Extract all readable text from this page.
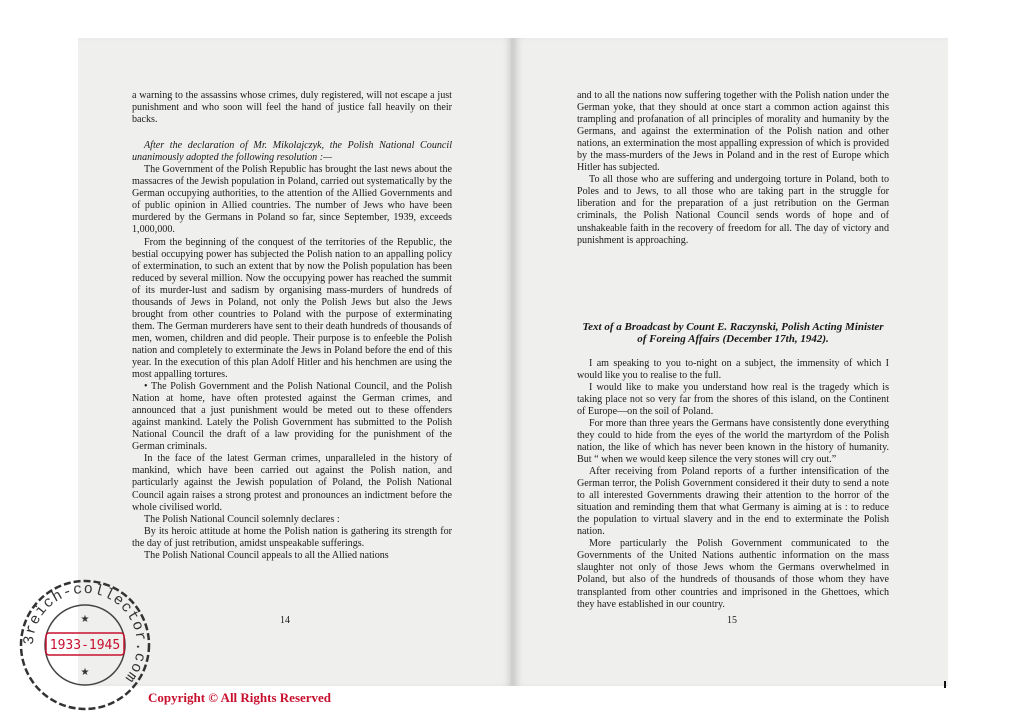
a warning to the assassins whose crimes, duly registered, will not escape a just punishment and who soon will feel the hand of justice fall heavily on their backs.

After the declaration of Mr. Mikolajczyk, the Polish National Council unanimously adopted the following resolution :—

The Government of the Polish Republic has brought the last news about the massacres of the Jewish population in Poland, carried out systematically by the German occupying authorities, to the attention of the Allied Governments and of public opinion in Allied countries. The number of Jews who have been murdered by the Germans in Poland so far, since September, 1939, exceeds 1,000,000.

From the beginning of the conquest of the territories of the Republic, the bestial occupying power has subjected the Polish nation to an appalling policy of extermination, to such an extent that by now the Polish population has been reduced by several million. Now the occupying power has reached the summit of its murder-lust and sadism by organising mass-murders of hundreds of thousands of Jews in Poland, not only the Polish Jews but also the Jews brought from other countries to Poland with the purpose of exterminating them. The German murderers have sent to their death hundreds of thousands of men, women, children and did people. Their purpose is to enfeeble the Polish nation and completely to exterminate the Jews in Poland before the end of this year. In the execution of this plan Adolf Hitler and his henchmen are using the most appalling tortures.

• The Polish Government and the Polish National Council, and the Polish Nation at home, have often protested against the German crimes, and announced that a just punishment would be meted out to these offenders against mankind. Lately the Polish Government has submitted to the Polish National Council the draft of a law providing for the punishment of the German criminals.

In the face of the latest German crimes, unparalleled in the history of mankind, which have been carried out against the Polish nation, and particularly against the Jewish population of Poland, the Polish National Council again raises a strong protest and pronounces an indictment before the whole civilised world.

The Polish National Council solemnly declares :

By its heroic attitude at home the Polish nation is gathering its strength for the day of just retribution, amidst unspeakable sufferings.

The Polish National Council appeals to all the Allied nations

14

and to all the nations now suffering together with the Polish nation under the German yoke, that they should at once start a common action against this trampling and profanation of all principles of morality and humanity by the Germans, and against the extermination of the Polish nation and other nations, an extermination the most appalling expression of which is provided by the mass-murders of the Jews in Poland and in the rest of Europe which Hitler has subjected.

To all those who are suffering and undergoing torture in Poland, both to Poles and to Jews, to all those who are taking part in the struggle for liberation and for the preparation of a just retribution on the German criminals, the Polish National Council sends words of hope and of unshakeable faith in the recovery of freedom for all. The day of victory and punishment is approaching.

Text of a Broadcast by Count E. Raczynski, Polish Acting Minister of Foreing Affairs (December 17th, 1942).

I am speaking to you to-night on a subject, the immensity of which I would like you to realise to the full.

I would like to make you understand how real is the tragedy which is taking place not so very far from the shores of this island, on the Continent of Europe—on the soil of Poland.

For more than three years the Germans have consistently done everything they could to hide from the eyes of the world the martyrdom of the Polish nation, the like of which has never been known in the history of humanity. But “ when we would keep silence the very stones will cry out.”

After receiving from Poland reports of a further intensification of the German terror, the Polish Government considered it their duty to send a note to all interested Governments drawing their attention to the horror of the situation and reminding them that what Germany is aiming at is : to reduce the population to virtual slavery and in the end to exterminate the Polish nation.

More particularly the Polish Government communicated to the Governments of the United Nations authentic information on the mass slaughter not only of those Jews whom the Germans overwhelmed in Poland, but also of the hundreds of thousands of those whom they have transplanted from other countries and imprisoned in the Ghettoes, which they have established in our country.

15
3reich-collector.com
1933-1945
★
★
Copyright © All Rights Reserved
